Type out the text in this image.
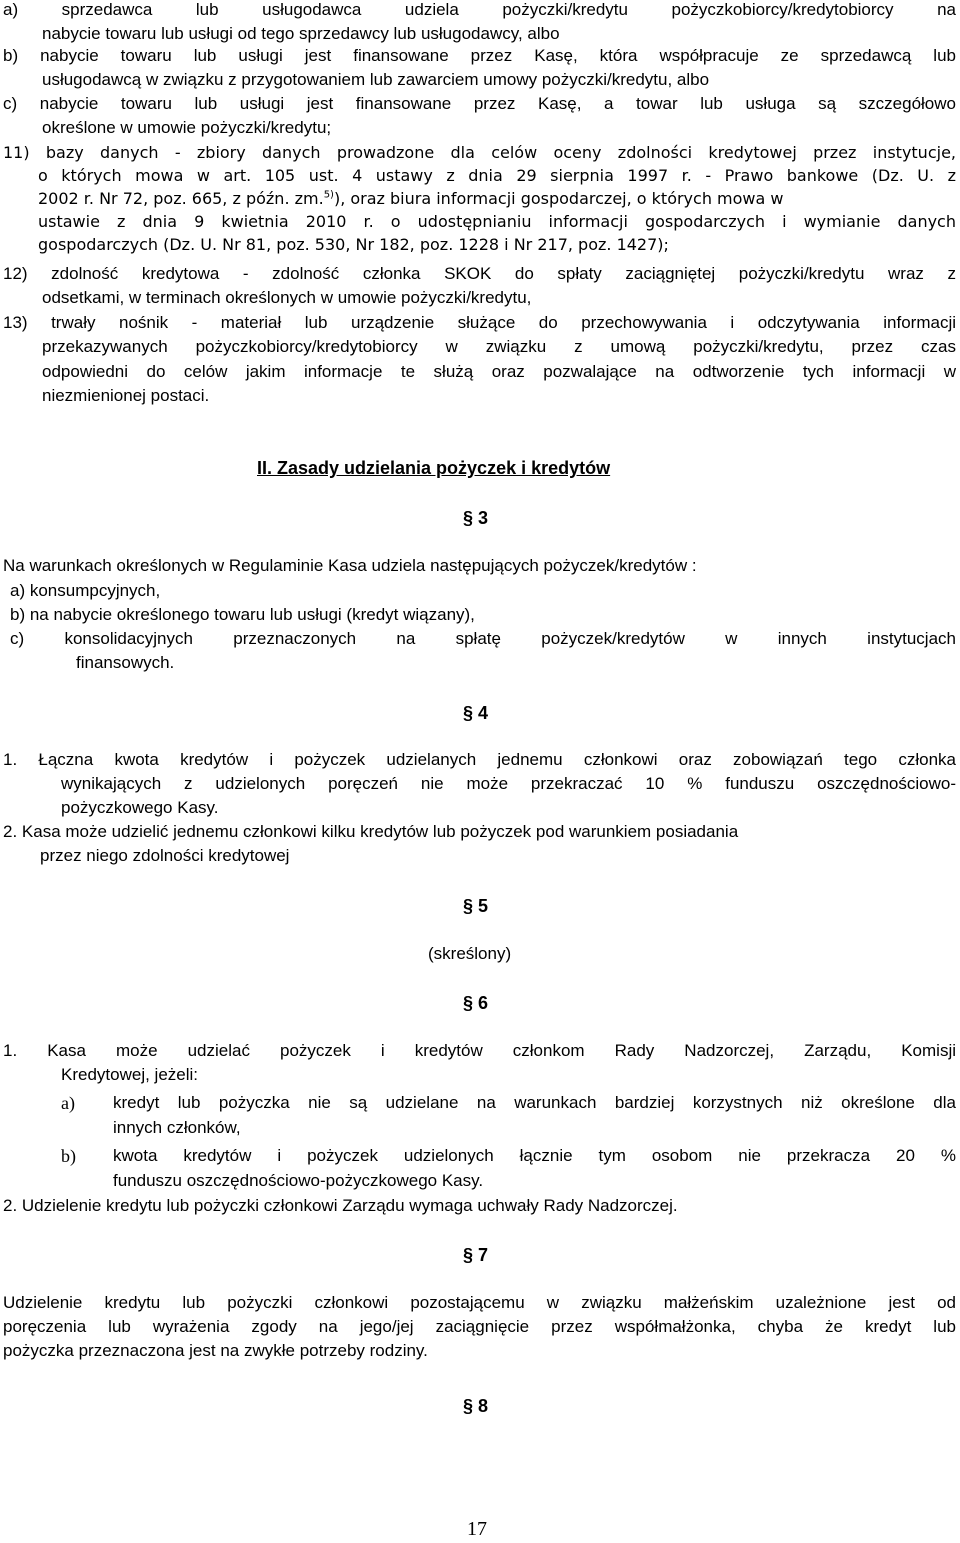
a) sprzedawca lub usługodawca udziela pożyczki/kredytu pożyczkobiorcy/kredytobiorcy na

nabycie towaru lub usługi od tego sprzedawcy lub usługodawcy, albo

b) nabycie towaru lub usługi jest finansowane przez Kasę, która współpracuje ze sprzedawcą lub

usługodawcą w związku z przygotowaniem lub zawarciem umowy pożyczki/kredytu, albo

c) nabycie towaru lub usługi jest finansowane przez Kasę, a towar lub usługa są szczegółowo

określone w umowie pożyczki/kredytu;

11) bazy danych - zbiory danych prowadzone dla celów oceny zdolności kredytowej przez instytucje,

o których mowa w art. 105 ust. 4 ustawy z dnia 29 sierpnia 1997 r. - Prawo bankowe (Dz. U. z

2002 r. Nr 72, poz. 665, z późn. zm.$^{5)}$), oraz biura informacji gospodarczej, o których mowa w

ustawie z dnia 9 kwietnia 2010 r. o udostępnianiu informacji gospodarczych i wymianie danych

gospodarczych (Dz. U. Nr 81, poz. 530, Nr 182, poz. 1228 i Nr 217, poz. 1427);

12) zdolność kredytowa - zdolność członka SKOK do spłaty zaciągniętej pożyczki/kredytu wraz z

odsetkami, w terminach określonych w umowie pożyczki/kredytu,

13) trwały nośnik - materiał lub urządzenie służące do przechowywania i odczytywania informacji

przekazywanych pożyczkobiorcy/kredytobiorcy w związku z umową pożyczki/kredytu, przez czas

odpowiedni do celów jakim informacje te służą oraz pozwalające na odtworzenie tych informacji w

niezmienionej postaci.

II. Zasady udzielania pożyczek i kredytów

§ 3

Na warunkach określonych w Regulaminie Kasa udziela następujących pożyczek/kredytów :

a) konsumpcyjnych,

b) na nabycie określonego towaru lub usługi (kredyt wiązany),

c) konsolidacyjnych przeznaczonych na spłatę pożyczek/kredytów w innych instytucjach

finansowych.

§ 4

1. Łączna kwota kredytów i pożyczek udzielanych jednemu członkowi oraz zobowiązań tego członka

wynikających z udzielonych poręczeń nie może przekraczać 10 % funduszu oszczędnościowo-

pożyczkowego Kasy.

2. Kasa może udzielić jednemu członkowi kilku kredytów lub pożyczek pod warunkiem posiadania

przez niego zdolności kredytowej

§ 5

(skreślony)

§ 6

1. Kasa może udzielać pożyczek i kredytów członkom Rady Nadzorczej, Zarządu, Komisji

Kredytowej, jeżeli:

a) kredyt lub pożyczka nie są udzielane na warunkach bardziej korzystnych niż określone dla

innych członków,

b) kwota kredytów i pożyczek udzielonych łącznie tym osobom nie przekracza 20 %

funduszu oszczędnościowo-pożyczkowego Kasy.

2. Udzielenie kredytu lub pożyczki członkowi Zarządu wymaga uchwały Rady Nadzorczej.

§ 7

Udzielenie kredytu lub pożyczki członkowi pozostającemu w związku małżeńskim uzależnione jest od

poręczenia lub wyrażenia zgody na jego/jej zaciągnięcie przez współmałżonka, chyba że kredyt lub

pożyczka przeznaczona jest na zwykłe potrzeby rodziny.

§ 8

17
